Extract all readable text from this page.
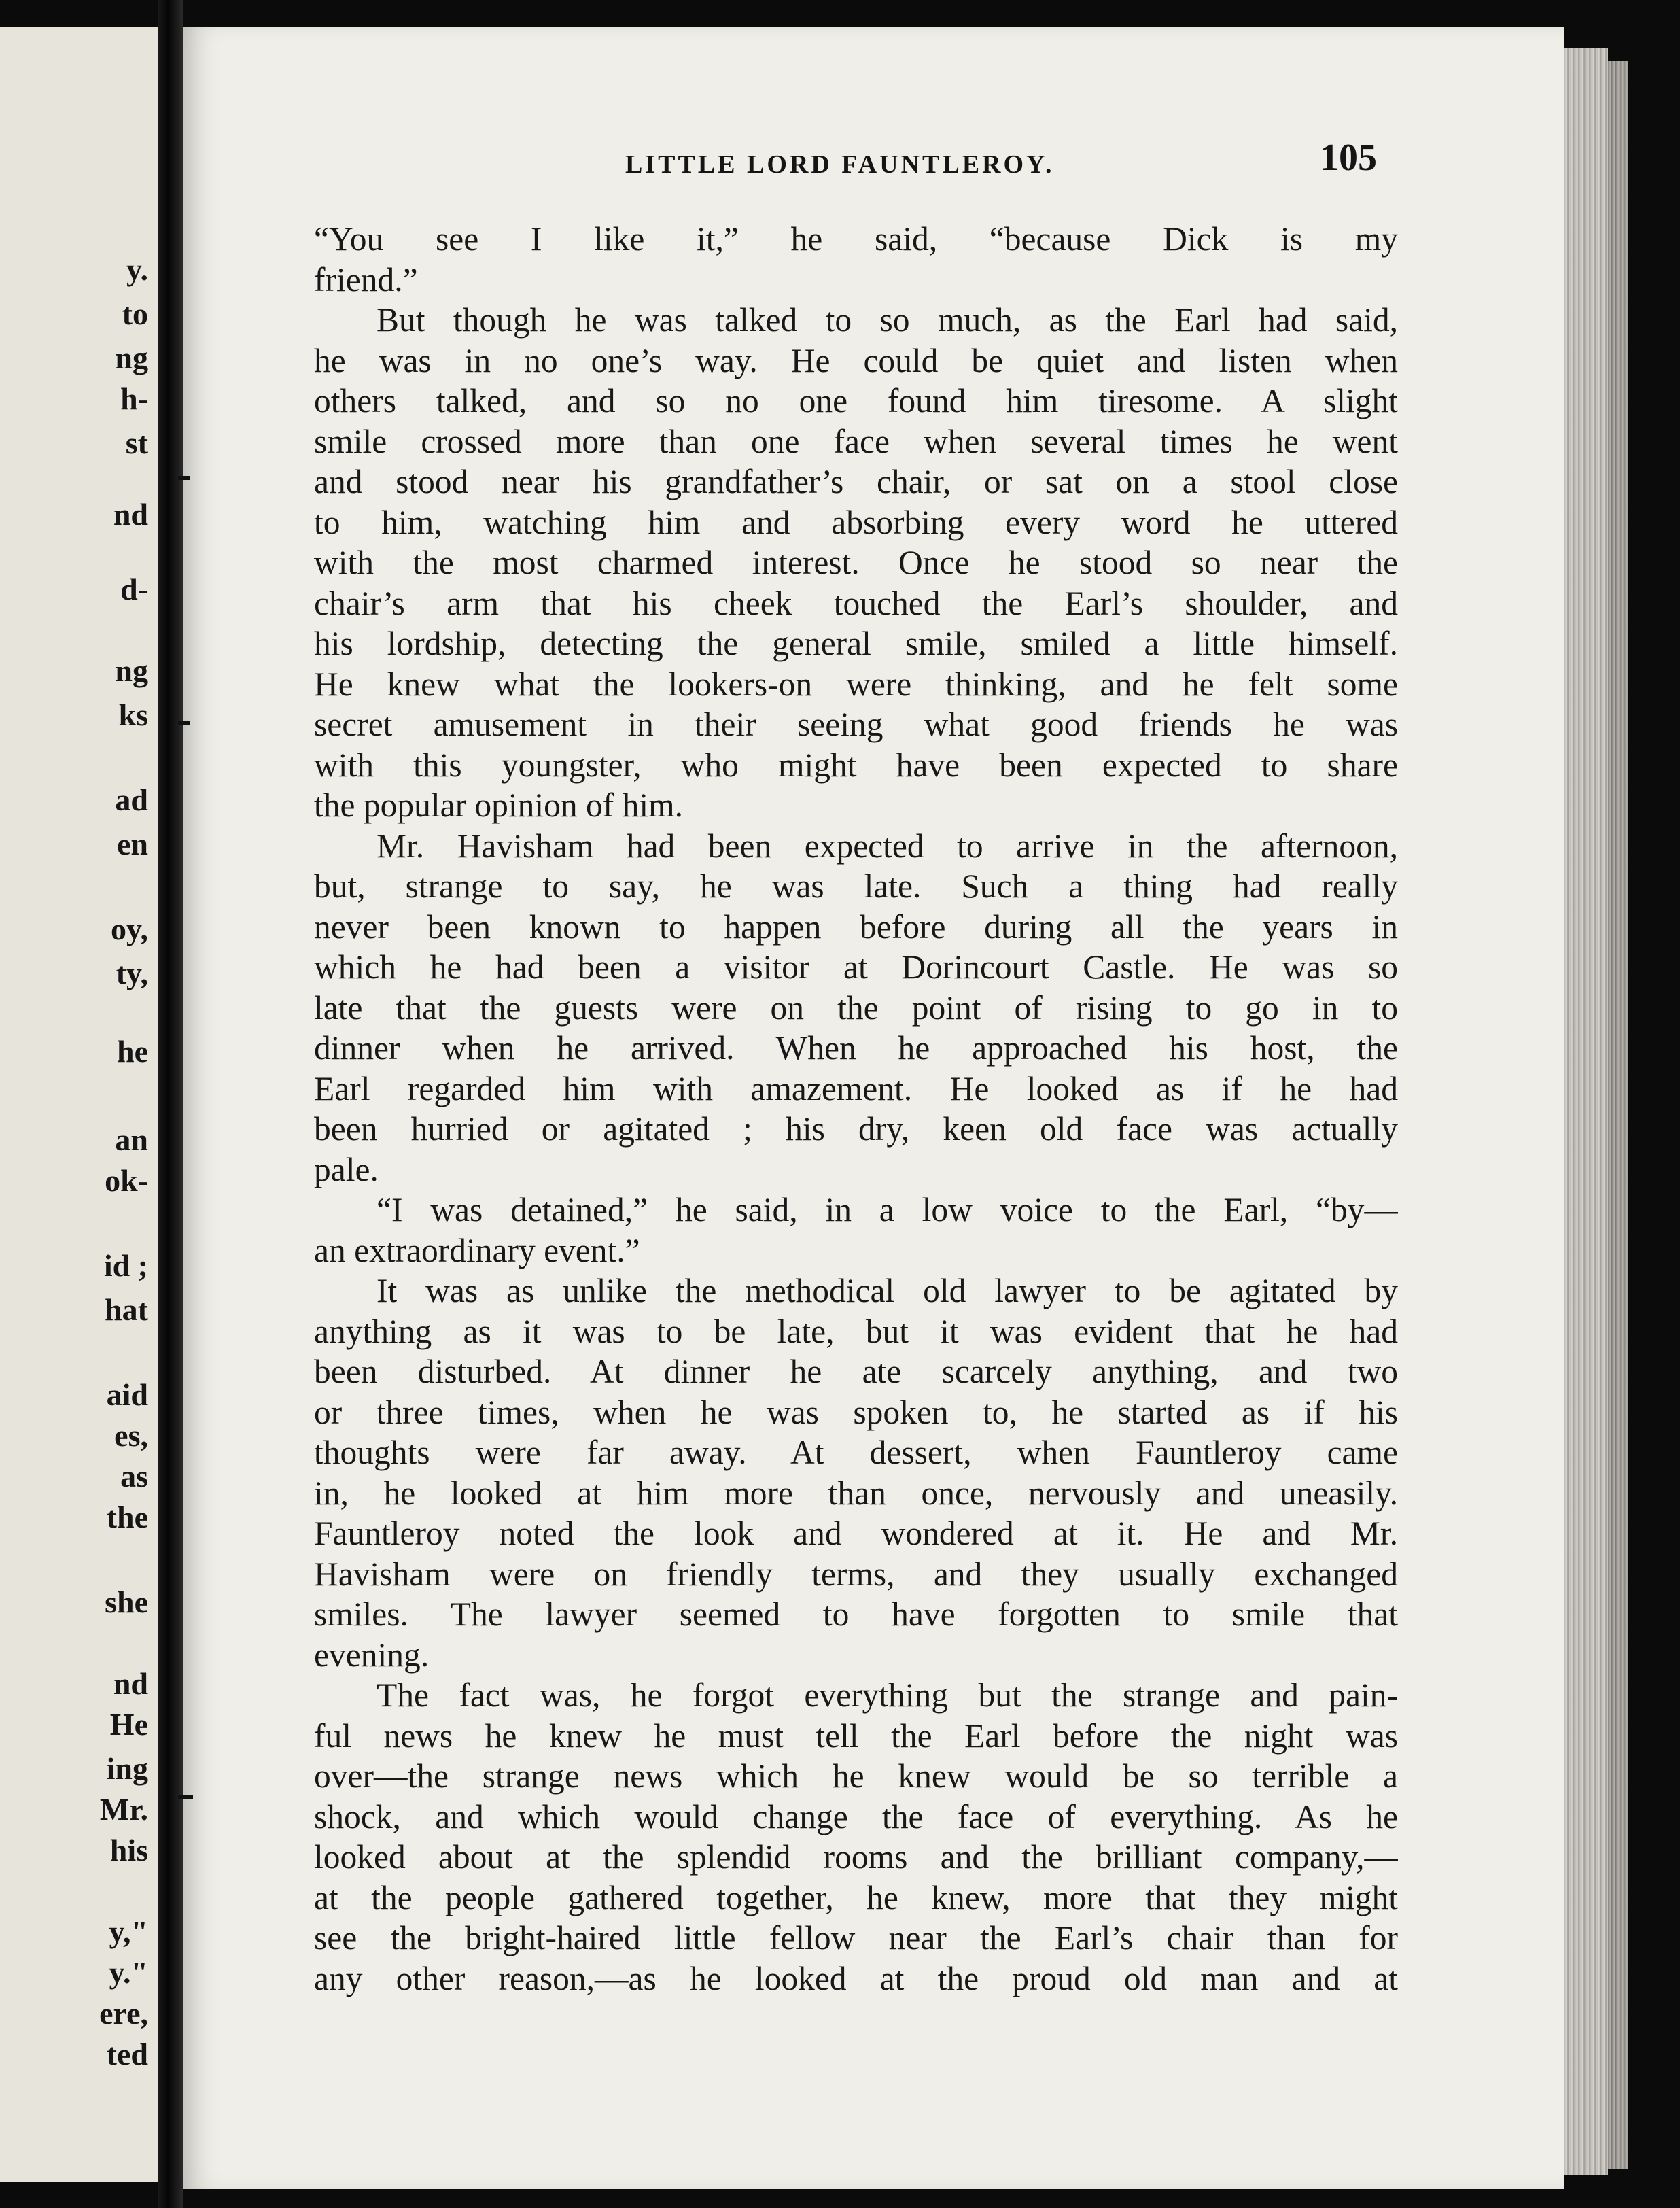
y.
to
ng
h-
st
nd
d-
ng
ks
ad
en
oy,
ty,
he
an
ok-
id ;
hat
aid
es,
as
the
she
nd
He
ing
Mr.
his
y,"
y."
ere,
ted
LITTLE LORD FAUNTLEROY.	105
“You see I like it,” he said, “because Dick is my
friend.”
But though he was talked to so much, as the Earl had said,
he was in no one’s way. He could be quiet and listen when
others talked, and so no one found him tiresome. A slight
smile crossed more than one face when several times he went
and stood near his grandfather’s chair, or sat on a stool close
to him, watching him and absorbing every word he uttered
with the most charmed interest. Once he stood so near the
chair’s arm that his cheek touched the Earl’s shoulder, and
his lordship, detecting the general smile, smiled a little himself.
He knew what the lookers-on were thinking, and he felt some
secret amusement in their seeing what good friends he was
with this youngster, who might have been expected to share
the popular opinion of him.
Mr. Havisham had been expected to arrive in the afternoon,
but, strange to say, he was late. Such a thing had really
never been known to happen before during all the years in
which he had been a visitor at Dorincourt Castle. He was so
late that the guests were on the point of rising to go in to
dinner when he arrived. When he approached his host, the
Earl regarded him with amazement. He looked as if he had
been hurried or agitated ; his dry, keen old face was actually
pale.
“I was detained,” he said, in a low voice to the Earl, “by—
an extraordinary event.”
It was as unlike the methodical old lawyer to be agitated by
anything as it was to be late, but it was evident that he had
been disturbed. At dinner he ate scarcely anything, and two
or three times, when he was spoken to, he started as if his
thoughts were far away. At dessert, when Fauntleroy came
in, he looked at him more than once, nervously and uneasily.
Fauntleroy noted the look and wondered at it. He and Mr.
Havisham were on friendly terms, and they usually exchanged
smiles. The lawyer seemed to have forgotten to smile that
evening.
The fact was, he forgot everything but the strange and pain-
ful news he knew he must tell the Earl before the night was
over—the strange news which he knew would be so terrible a
shock, and which would change the face of everything. As he
looked about at the splendid rooms and the brilliant company,—
at the people gathered together, he knew, more that they might
see the bright-haired little fellow near the Earl’s chair than for
any other reason,—as he looked at the proud old man and at
